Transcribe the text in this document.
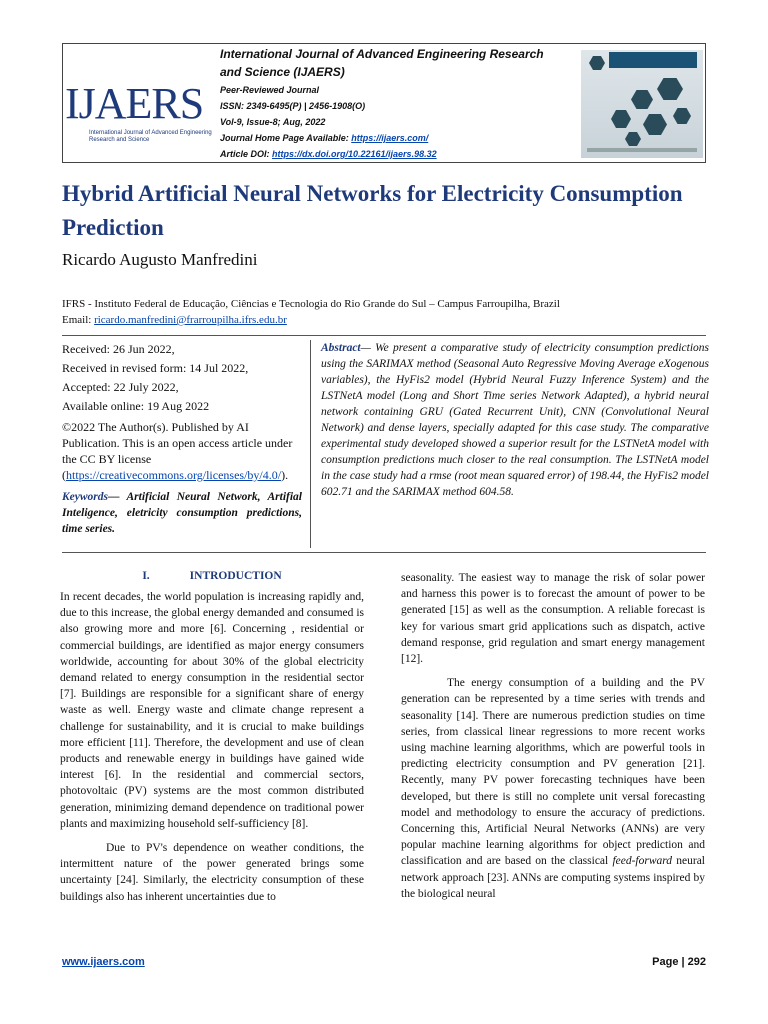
IJAERS
International Journal of Advanced Engineering Research and Science
International Journal of Advanced Engineering Research
and Science (IJAERS)
Peer-Reviewed Journal
ISSN: 2349-6495(P) | 2456-1908(O)
Vol-9, Issue-8; Aug, 2022
Journal Home Page Available: https://ijaers.com/
Article DOI: https://dx.doi.org/10.22161/ijaers.98.32
Hybrid Artificial Neural Networks for Electricity Consumption Prediction
Ricardo Augusto Manfredini
IFRS - Instituto Federal de Educação, Ciências e Tecnologia do Rio Grande do Sul – Campus Farroupilha, Brazil
Email: ricardo.manfredini@frarroupilha.ifrs.edu.br

Received: 26 Jun 2022,

Received in revised form: 14 Jul 2022,

Accepted: 22 July 2022,

Available online: 19 Aug 2022

©2022 The Author(s). Published by AI Publication. This is an open access article under the CC BY license (https://creativecommons.org/licenses/by/4.0/).

Keywords— Artificial Neural Network, Artifial Inteligence, eletricity consumption predictions, time series.

Abstract— We present a comparative study of electricity consumption predictions using the SARIMAX method (Seasonal Auto Regressive Moving Average eXogenous variables), the HyFis2 model (Hybrid Neural Fuzzy Inference System) and the LSTNetA model (Long and Short Time series Network Adapted), a hybrid neural network containing GRU (Gated Recurrent Unit), CNN (Convolutional Neural Network) and dense layers, specially adapted for this case study. The comparative experimental study developed showed a superior result for the LSTNetA model with consumption predictions much closer to the real consumption. The LSTNetA model in the case study had a rmse (root mean squared error) of 198.44, the HyFis2 model 602.71 and the SARIMAX method 604.58.

I.	INTRODUCTION

In recent decades, the world population is increasing rapidly and, due to this increase, the global energy demanded and consumed is also growing more and more [6]. Concerning , residential or commercial buildings, are identified as major energy consumers worldwide, accounting for about 30% of the global electricity demand related to energy consumption in the residential sector [7]. Buildings are responsible for a significant share of energy waste as well. Energy waste and climate change represent a challenge for sustainability, and it is crucial to make buildings more efficient [11]. Therefore, the development and use of clean products and renewable energy in buildings have gained wide interest [6]. In the residential and commercial sectors, photovoltaic (PV) systems are the most common distributed generation, minimizing demand dependence on traditional power plants and maximizing household self-sufficiency [8].

Due to PV's dependence on weather conditions, the intermittent nature of the power generated brings some uncertainty [24]. Similarly, the electricity consumption of these buildings also has inherent uncertainties due to

seasonality. The easiest way to manage the risk of solar power and harness this power is to forecast the amount of power to be generated [15] as well as the consumption. A reliable forecast is key for various smart grid applications such as dispatch, active demand response, grid regulation and smart energy management [12].

The energy consumption of a building and the PV generation can be represented by a time series with trends and seasonality [14]. There are numerous prediction studies on time series, from classical linear regressions to more recent works using machine learning algorithms, which are powerful tools in predicting electricity consumption and PV generation [21]. Recently, many PV power forecasting techniques have been developed, but there is still no complete unit versal forecasting model and methodology to ensure the accuracy of predictions. Concerning this, Artificial Neural Networks (ANNs) are very popular machine learning algorithms for object prediction and classification and are based on the classical feed-forward neural network approach [23]. ANNs are computing systems inspired by the biological neural

www.ijaers.com	Page | 292
